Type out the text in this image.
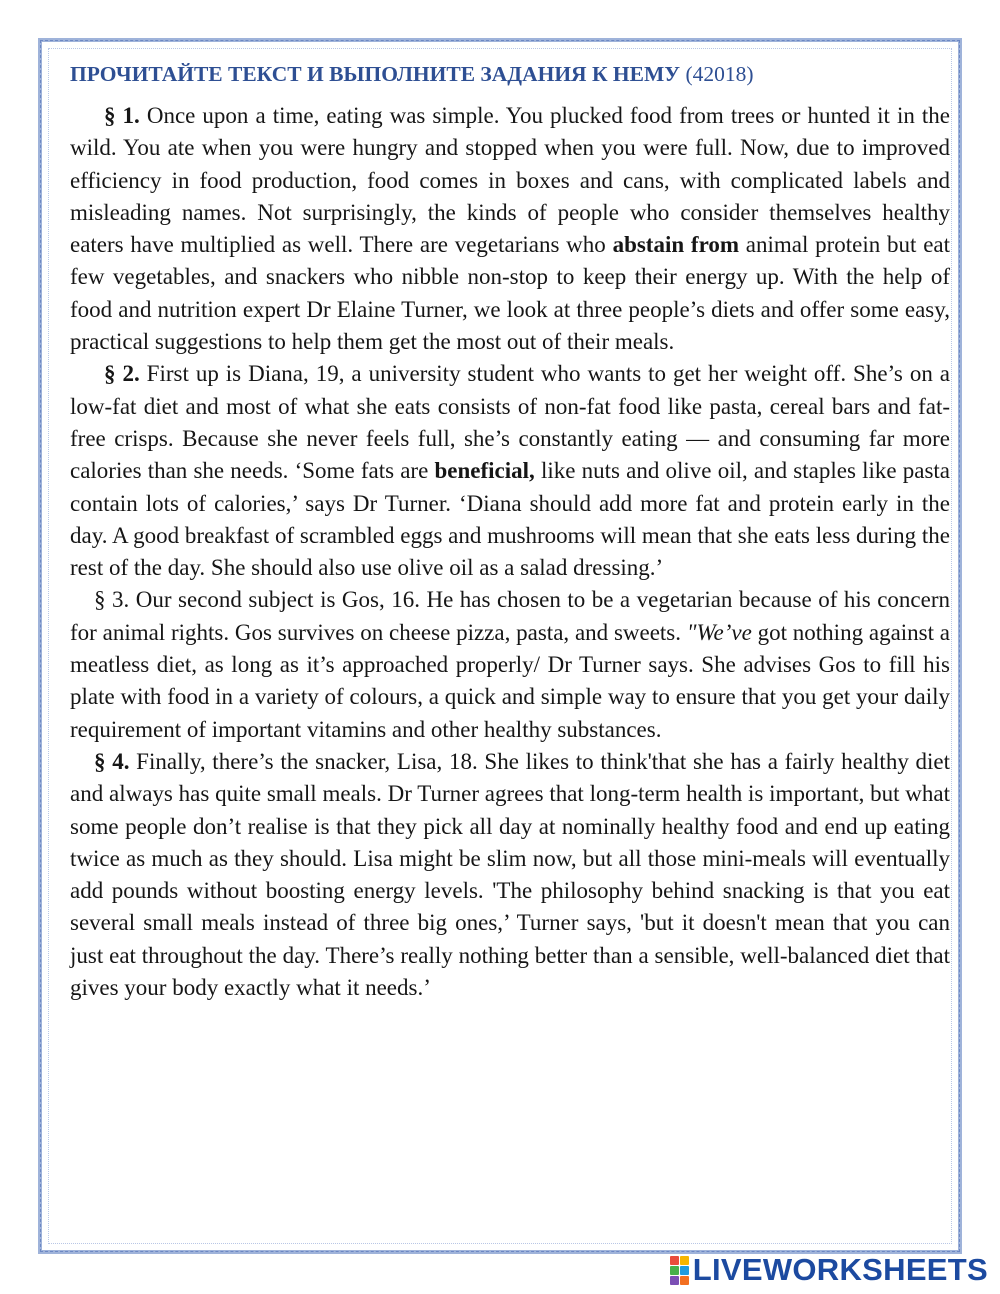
ПРОЧИТАЙТЕ ТЕКСТ И ВЫПОЛНИТЕ ЗАДАНИЯ К НЕМУ (42018)

§ 1. Once upon a time, eating was simple. You plucked food from trees or hunted it in the wild. You ate when you were hungry and stopped when you were full. Now, due to improved efficiency in food production, food comes in boxes and cans, with complicated labels and misleading names. Not surprisingly, the kinds of people who consider themselves healthy eaters have multiplied as well. There are vegetarians who abstain from animal protein but eat few vegetables, and snackers who nibble non-stop to keep their energy up. With the help of food and nutrition expert Dr Elaine Turner, we look at three people’s diets and offer some easy, practical suggestions to help them get the most out of their meals.

§ 2. First up is Diana, 19, a university student who wants to get her weight off. She’s on a low-fat diet and most of what she eats consists of non-fat food like pasta, cereal bars and fat-free crisps. Because she never feels full, she’s constantly eating — and consuming far more calories than she needs. ‘Some fats are beneficial, like nuts and olive oil, and staples like pasta contain lots of calories,’ says Dr Turner. ‘Diana should add more fat and protein early in the day. A good breakfast of scrambled eggs and mushrooms will mean that she eats less during the rest of the day. She should also use olive oil as a salad dressing.’

§ 3. Our second subject is Gos, 16. He has chosen to be a vegetarian because of his concern for animal rights. Gos survives on cheese pizza, pasta, and sweets. "We’ve got nothing against a meatless diet, as long as it’s approached properly/ Dr Turner says. She advises Gos to fill his plate with food in a variety of colours, a quick and simple way to ensure that you get your daily requirement of important vitamins and other healthy substances.

§ 4. Finally, there’s the snacker, Lisa, 18. She likes to think'that she has a fairly healthy diet and always has quite small meals. Dr Turner agrees that long-term health is important, but what some people don’t realise is that they pick all day at nominally healthy food and end up eating twice as much as they should. Lisa might be slim now, but all those mini-meals will eventually add pounds without boosting energy levels. 'The philosophy behind snacking is that you eat several small meals instead of three big ones,’ Turner says, 'but it doesn't mean that you can just eat throughout the day. There’s really nothing better than a sensible, well-balanced diet that gives your body exactly what it needs.’

LIVEWORKSHEETS
